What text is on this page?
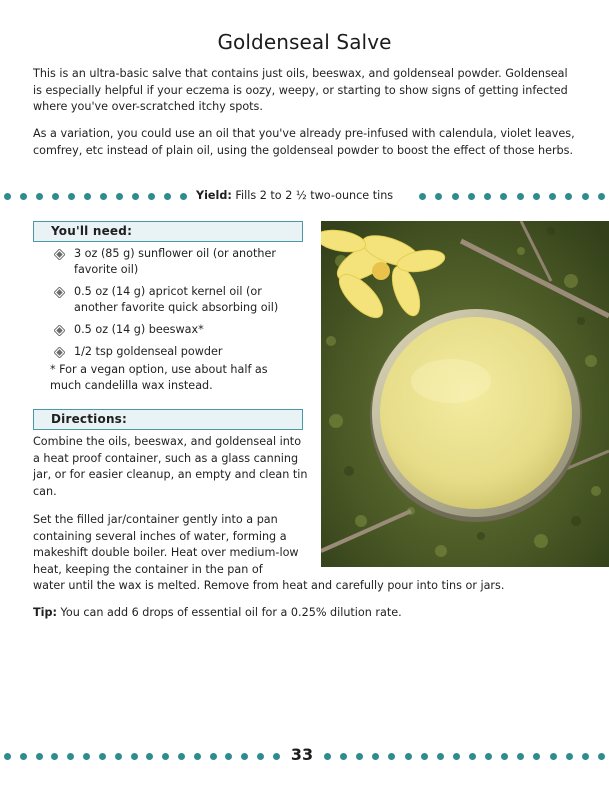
Goldenseal Salve

This is an ultra-basic salve that contains just oils, beeswax, and goldenseal powder. Goldenseal is especially helpful if your eczema is oozy, weepy, or starting to show signs of getting infected where you've over-scratched itchy spots.

As a variation, you could use an oil that you've already pre-infused with calendula, violet leaves, comfrey, etc instead of plain oil, using the goldenseal powder to boost the effect of those herbs.

Yield: Fills 2 to 2 ½ two-ounce tins
You'll need:
3 oz (85 g) sunflower oil (or another favorite oil)
0.5 oz (14 g) apricot kernel oil (or another favorite quick absorbing oil)
0.5 oz (14 g) beeswax*
1/2 tsp goldenseal powder

* For a vegan option, use about half as much candelilla wax instead.

Directions:

Combine the oils, beeswax, and goldenseal into a heat proof container, such as a glass canning jar, or for easier cleanup, an empty and clean tin can.

Set the filled jar/container gently into a pan containing several inches of water, forming a makeshift double boiler. Heat over medium-low heat, keeping the container in the pan of

water until the wax is melted. Remove from heat and carefully pour into tins or jars.

Tip: You can add 6 drops of essential oil for a 0.25% dilution rate.

33
